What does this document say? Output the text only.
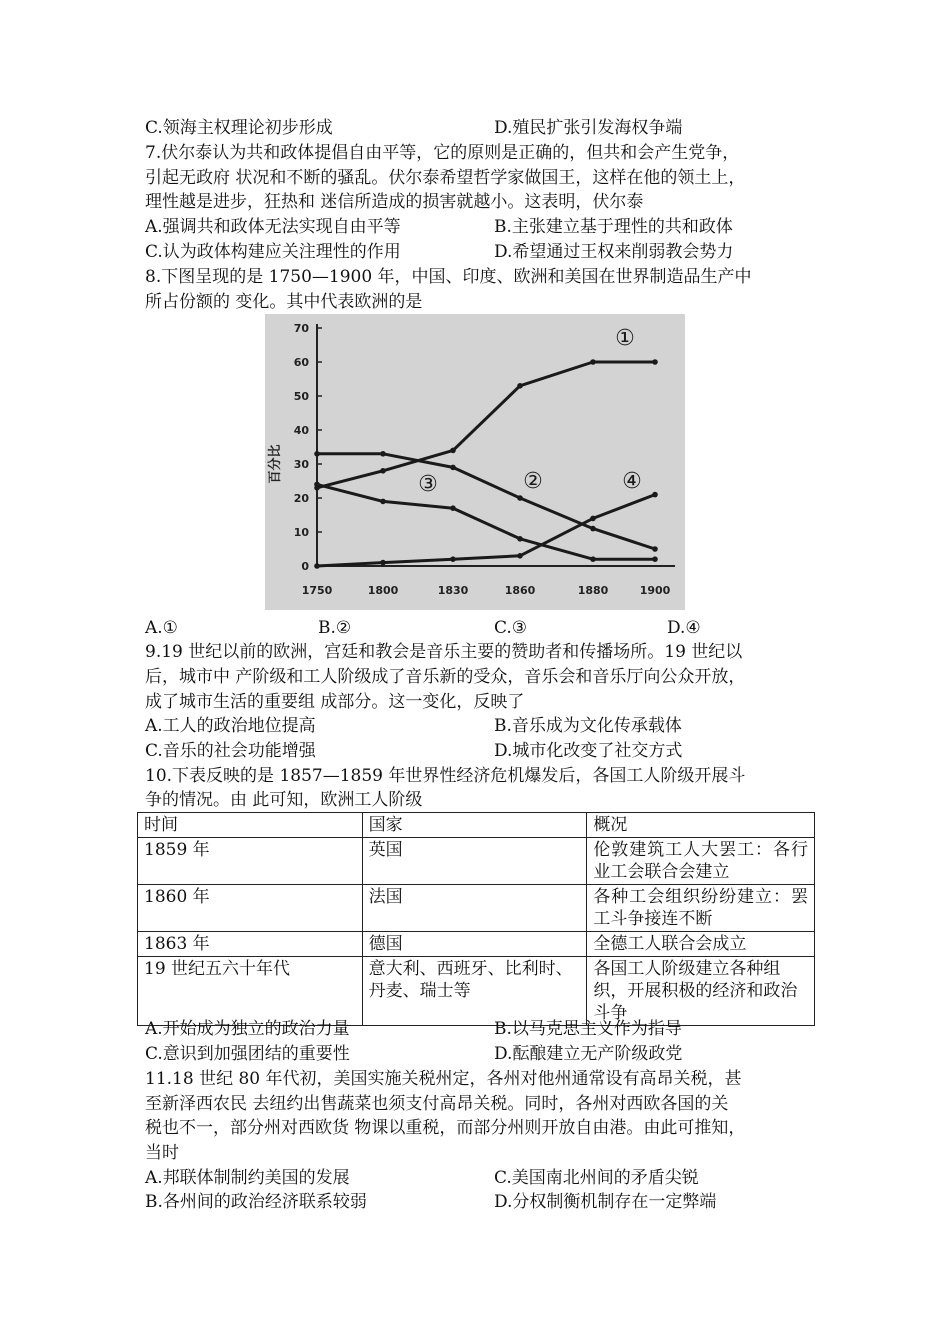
C.领海主权理论初步形成	D.殖民扩张引发海权争端
7.伏尔泰认为共和政体提倡自由平等，它的原则是正确的，但共和会产生党争，
引起无政府 状况和不断的骚乱。伏尔泰希望哲学家做国王，这样在他的领土上，
理性越是进步，狂热和 迷信所造成的损害就越小。这表明，伏尔泰
A.强调共和政体无法实现自由平等	B.主张建立基于理性的共和政体
C.认为政体构建应关注理性的作用	D.希望通过王权来削弱教会势力
8.下图呈现的是 1750—1900 年，中国、印度、欧洲和美国在世界制造品生产中
所占份额的 变化。其中代表欧洲的是
百分比
①
②
③	④
0
10
20
30
40
50
60
70
1750	1800	1830	1860	1880	1900
A.①	B.②	C.③	D.④
9.19 世纪以前的欧洲，宫廷和教会是音乐主要的赞助者和传播场所。19 世纪以
后，城市中 产阶级和工人阶级成了音乐新的受众，音乐会和音乐厅向公众开放，
成了城市生活的重要组 成部分。这一变化，反映了
A.工人的政治地位提高	B.音乐成为文化传承载体
C.音乐的社会功能增强	D.城市化改变了社交方式
10.下表反映的是 1857—1859 年世界性经济危机爆发后，各国工人阶级开展斗
争的情况。由 此可知，欧洲工人阶级
时间	国家	概况
1859 年	英国	伦敦建筑工人大罢工：各行业工会联合会建立
1860 年	法国	各种工会组织纷纷建立：罢工斗争接连不断
1863 年	德国	全德工人联合会成立
19 世纪五六十年代	意大利、西班牙、比利时、丹麦、瑞士等	各国工人阶级建立各种组织，开展积极的经济和政治斗争
A.开始成为独立的政治力量	B.以马克思主义作为指导
C.意识到加强团结的重要性	D.酝酿建立无产阶级政党
11.18 世纪 80 年代初，美国实施关税州定，各州对他州通常设有高昂关税，甚
至新泽西农民 去纽约出售蔬菜也须支付高昂关税。同时，各州对西欧各国的关
税也不一，部分州对西欧货 物课以重税，而部分州则开放自由港。由此可推知，
当时
A.邦联体制制约美国的发展	C.美国南北州间的矛盾尖锐
B.各州间的政治经济联系较弱	D.分权制衡机制存在一定弊端
